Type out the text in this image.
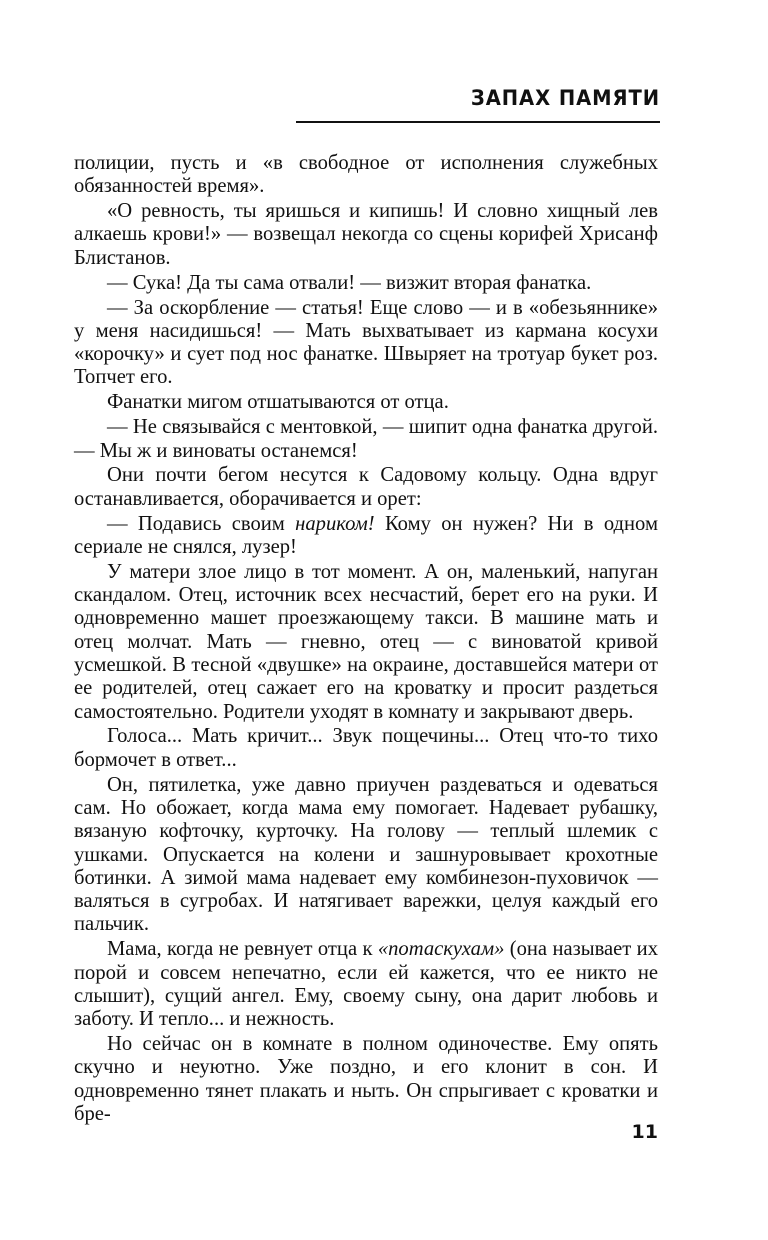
ЗАПАХ ПАМЯТИ

полиции, пусть и «в свободное от исполнения служебных обязанностей время».

«О ревность, ты яришься и кипишь! И словно хищный лев алкаешь крови!» — возвещал некогда со сцены корифей Хрисанф Блистанов.

— Сука! Да ты сама отвали! — визжит вторая фанатка.

— За оскорбление — статья! Еще слово — и в «обезьяннике» у меня насидишься! — Мать выхватывает из кармана косухи «корочку» и сует под нос фанатке. Швыряет на тротуар букет роз. Топчет его.

Фанатки мигом отшатываются от отца.

— Не связывайся с ментовкой, — шипит одна фанатка другой. — Мы ж и виноваты останемся!

Они почти бегом несутся к Садовому кольцу. Одна вдруг останавливается, оборачивается и орет:

— Подавись своим нариком! Кому он нужен? Ни в одном сериале не снялся, лузер!

У матери злое лицо в тот момент. А он, маленький, напуган скандалом. Отец, источник всех несчастий, берет его на руки. И одновременно машет проезжающему такси. В машине мать и отец молчат. Мать — гневно, отец — с виноватой кривой усмешкой. В тесной «двушке» на окраине, доставшейся матери от ее родителей, отец сажает его на кроватку и просит раздеться самостоятельно. Родители уходят в комнату и закрывают дверь.

Голоса... Мать кричит... Звук пощечины... Отец что-то тихо бормочет в ответ...

Он, пятилетка, уже давно приучен раздеваться и одеваться сам. Но обожает, когда мама ему помогает. Надевает рубашку, вязаную кофточку, курточку. На голову — теплый шлемик с ушками. Опускается на колени и зашнуровывает крохотные ботинки. А зимой мама надевает ему комбинезон-пуховичок — валяться в сугробах. И натягивает варежки, целуя каждый его пальчик.

Мама, когда не ревнует отца к «потаскухам» (она называет их порой и совсем непечатно, если ей кажется, что ее никто не слышит), сущий ангел. Ему, своему сыну, она дарит любовь и заботу. И тепло... и нежность.

Но сейчас он в комнате в полном одиночестве. Ему опять скучно и неуютно. Уже поздно, и его клонит в сон. И одновременно тянет плакать и ныть. Он спрыгивает с кроватки и бре-

11
